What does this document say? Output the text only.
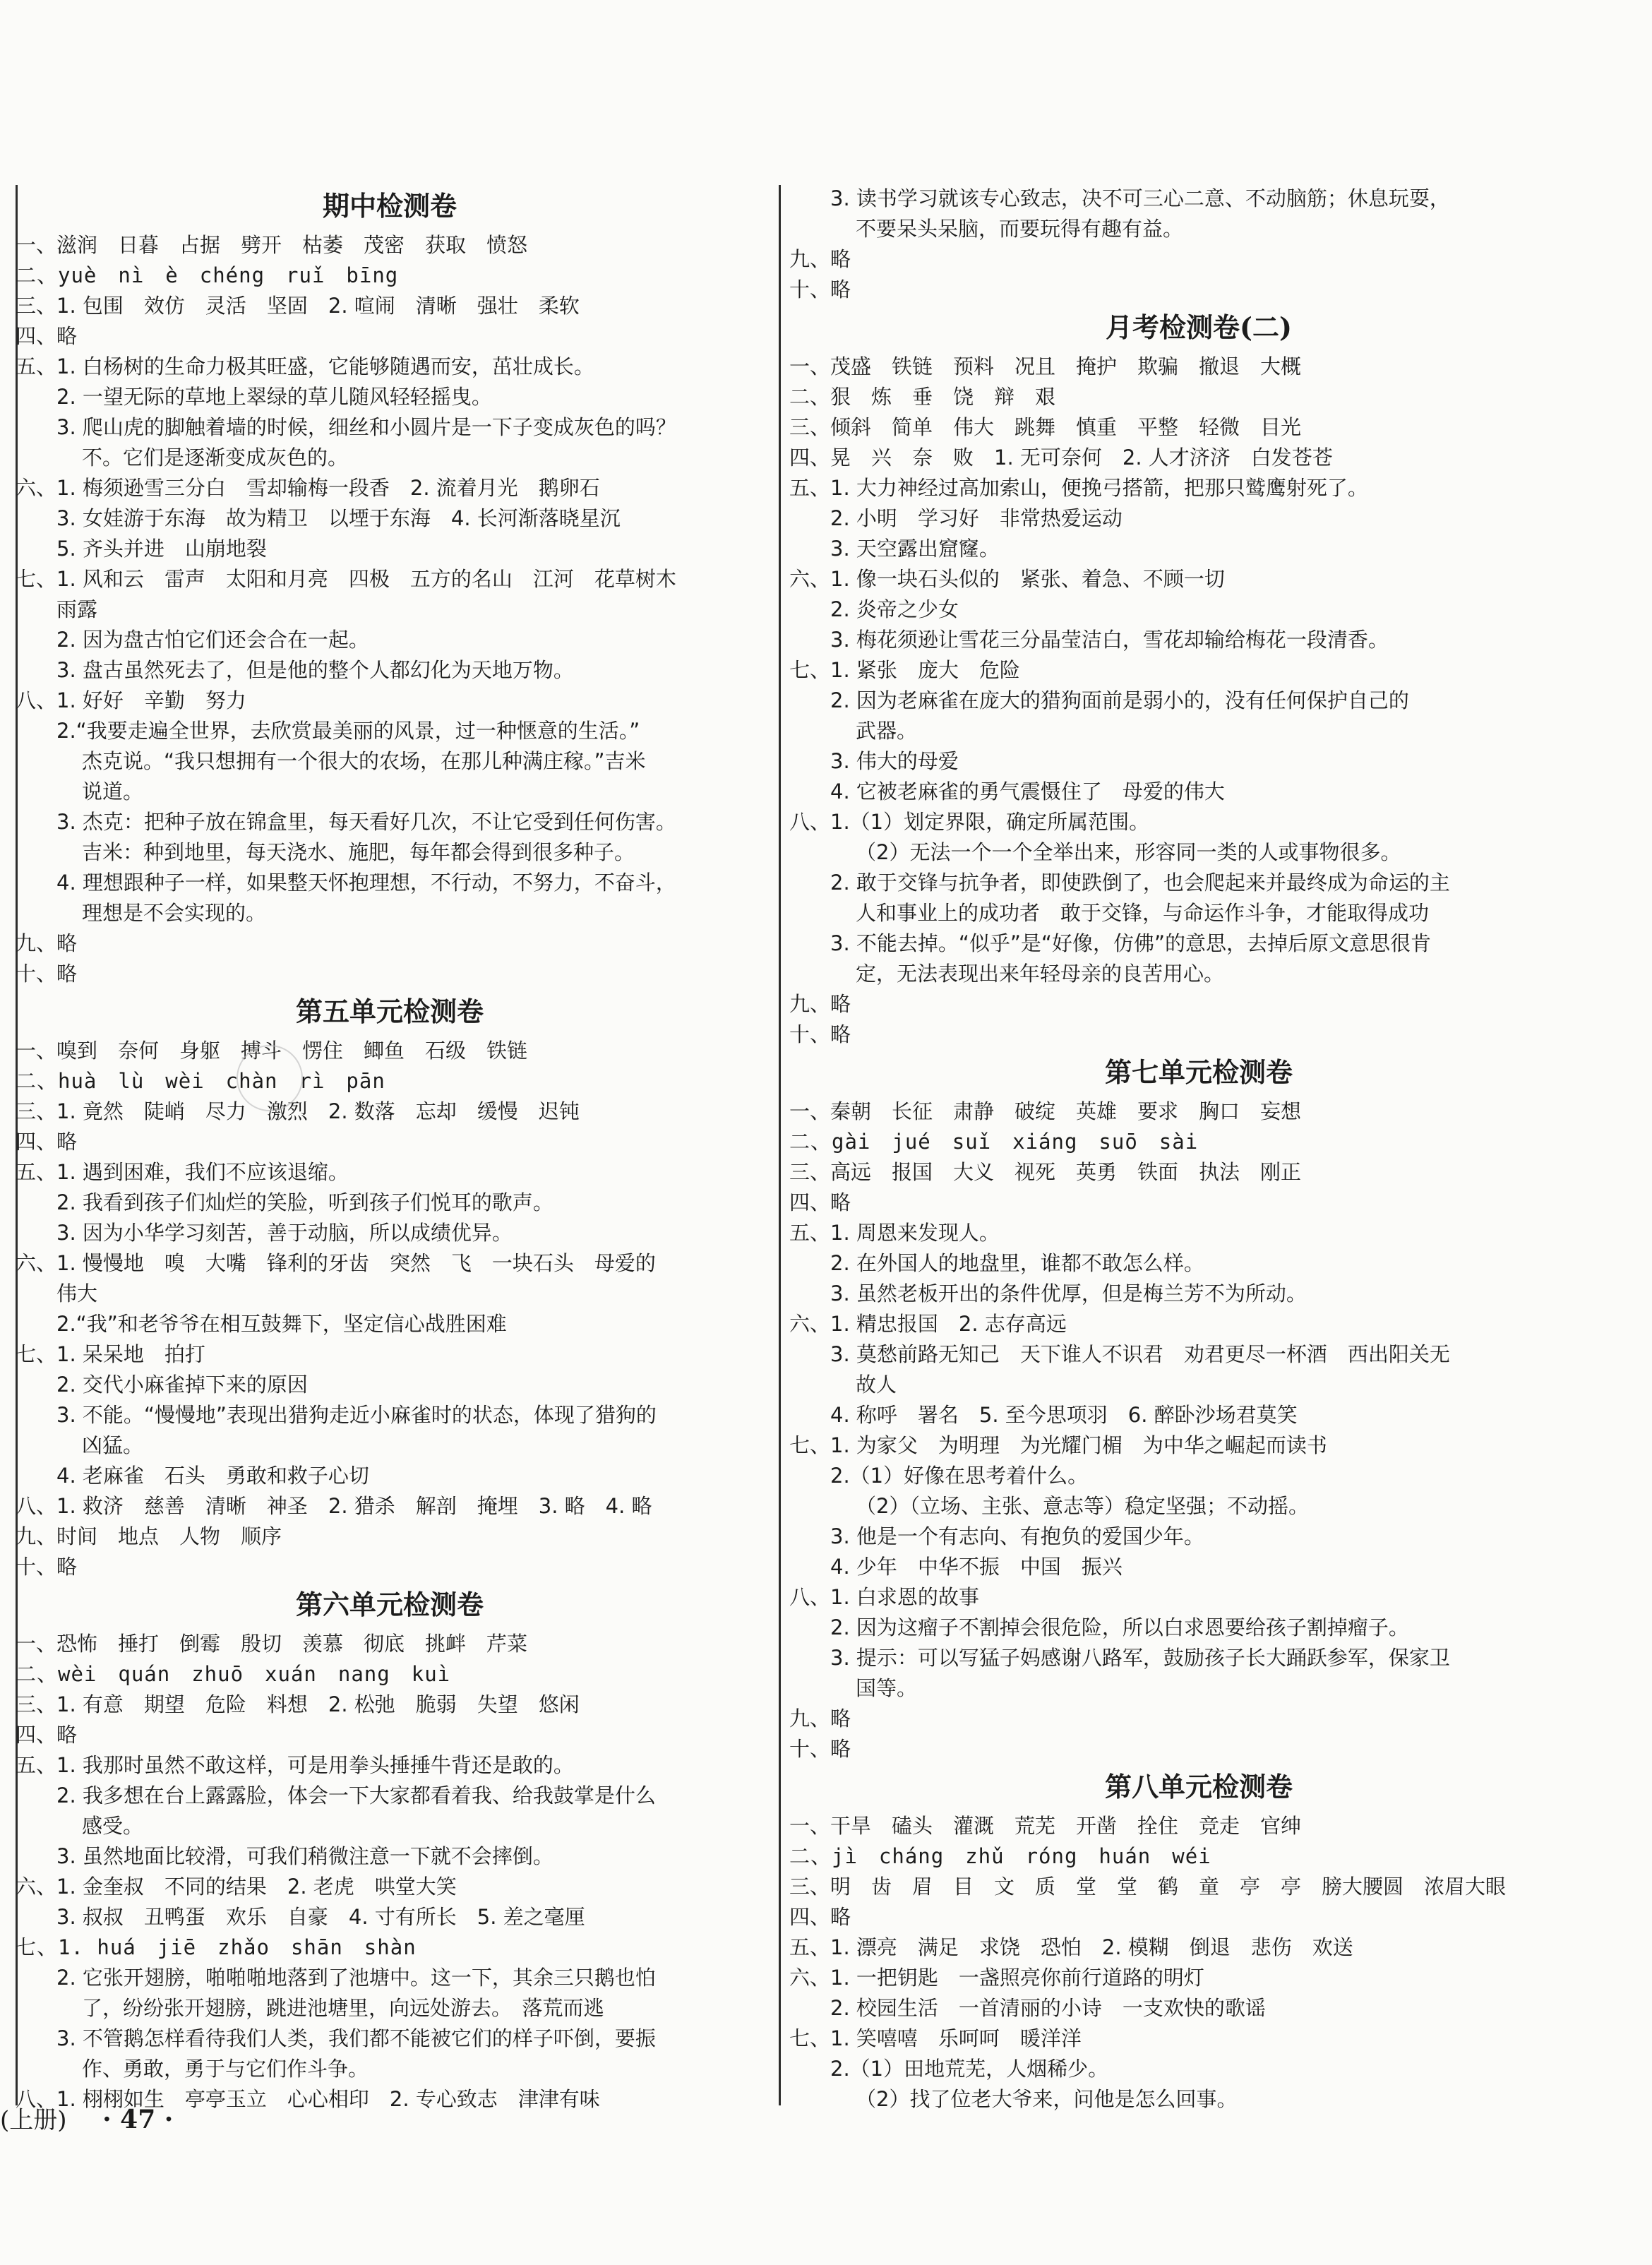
期中检测卷
一、滋润　日暮　占据　劈开　枯萎　茂密　获取　愤怒
二、yuè　nì　è　chéng　ruǐ　bīng
三、1. 包围　效仿　灵活　坚固　2. 喧闹　清晰　强壮　柔软
四、略
五、1. 白杨树的生命力极其旺盛，它能够随遇而安，茁壮成长。
2. 一望无际的草地上翠绿的草儿随风轻轻摇曳。
3. 爬山虎的脚触着墙的时候，细丝和小圆片是一下子变成灰色的吗？
不。它们是逐渐变成灰色的。
六、1. 梅须逊雪三分白　雪却输梅一段香　2. 流着月光　鹅卵石
3. 女娃游于东海　故为精卫　以堙于东海　4. 长河渐落晓星沉
5. 齐头并进　山崩地裂
七、1. 风和云　雷声　太阳和月亮　四极　五方的名山　江河　花草树木
雨露
2. 因为盘古怕它们还会合在一起。
3. 盘古虽然死去了，但是他的整个人都幻化为天地万物。
八、1. 好好　辛勤　努力
2.“我要走遍全世界，去欣赏最美丽的风景，过一种惬意的生活。”
杰克说。“我只想拥有一个很大的农场，在那儿种满庄稼。”吉米
说道。
3. 杰克：把种子放在锦盒里，每天看好几次，不让它受到任何伤害。
吉米：种到地里，每天浇水、施肥，每年都会得到很多种子。
4. 理想跟种子一样，如果整天怀抱理想，不行动，不努力，不奋斗，
理想是不会实现的。
九、略
十、略
第五单元检测卷
一、嗅到　奈何　身躯　搏斗　愣住　鲫鱼　石级　铁链
二、huà　lù　wèi　chàn　rì　pān
三、1. 竟然　陡峭　尽力　激烈　2. 数落　忘却　缓慢　迟钝
四、略
五、1. 遇到困难，我们不应该退缩。
2. 我看到孩子们灿烂的笑脸，听到孩子们悦耳的歌声。
3. 因为小华学习刻苦，善于动脑，所以成绩优异。
六、1. 慢慢地　嗅　大嘴　锋利的牙齿　突然　飞　一块石头　母爱的
伟大
2.“我”和老爷爷在相互鼓舞下，坚定信心战胜困难
七、1. 呆呆地　拍打
2. 交代小麻雀掉下来的原因
3. 不能。“慢慢地”表现出猎狗走近小麻雀时的状态，体现了猎狗的
凶猛。
4. 老麻雀　石头　勇敢和救子心切
八、1. 救济　慈善　清晰　神圣　2. 猎杀　解剖　掩埋　3. 略　4. 略
九、时间　地点　人物　顺序
十、略
第六单元检测卷
一、恐怖　捶打　倒霉　殷切　羡慕　彻底　挑衅　芹菜
二、wèi　quán　zhuō　xuán　nang　kuì
三、1. 有意　期望　危险　料想　2. 松弛　脆弱　失望　悠闲
四、略
五、1. 我那时虽然不敢这样，可是用拳头捶捶牛背还是敢的。
2. 我多想在台上露露脸，体会一下大家都看着我、给我鼓掌是什么
感受。
3. 虽然地面比较滑，可我们稍微注意一下就不会摔倒。
六、1. 金奎叔　不同的结果　2. 老虎　哄堂大笑
3. 叔叔　丑鸭蛋　欢乐　自豪　4. 寸有所长　5. 差之毫厘
七、1. huá　jiē　zhǎo　shān　shàn
2. 它张开翅膀，啪啪啪地落到了池塘中。这一下，其余三只鹅也怕
了，纷纷张开翅膀，跳进池塘里，向远处游去。　落荒而逃
3. 不管鹅怎样看待我们人类，我们都不能被它们的样子吓倒，要振
作、勇敢，勇于与它们作斗争。
八、1. 栩栩如生　亭亭玉立　心心相印　2. 专心致志　津津有味
3. 读书学习就该专心致志，决不可三心二意、不动脑筋；休息玩耍，
不要呆头呆脑，而要玩得有趣有益。
九、略
十、略
月考检测卷(二)
一、茂盛　铁链　预料　况且　掩护　欺骗　撤退　大概
二、狠　炼　垂　饶　辩　艰
三、倾斜　简单　伟大　跳舞　慎重　平整　轻微　目光
四、晃　兴　奈　败　1. 无可奈何　2. 人才济济　白发苍苍
五、1. 大力神经过高加索山，便挽弓搭箭，把那只鹫鹰射死了。
2. 小明　学习好　非常热爱运动
3. 天空露出窟窿。
六、1. 像一块石头似的　紧张、着急、不顾一切
2. 炎帝之少女
3. 梅花须逊让雪花三分晶莹洁白，雪花却输给梅花一段清香。
七、1. 紧张　庞大　危险
2. 因为老麻雀在庞大的猎狗面前是弱小的，没有任何保护自己的
武器。
3. 伟大的母爱
4. 它被老麻雀的勇气震慑住了　母爱的伟大
八、1.（1）划定界限，确定所属范围。
（2）无法一个一个全举出来，形容同一类的人或事物很多。
2. 敢于交锋与抗争者，即使跌倒了，也会爬起来并最终成为命运的主
人和事业上的成功者　敢于交锋，与命运作斗争，才能取得成功
3. 不能去掉。“似乎”是“好像，仿佛”的意思，去掉后原文意思很肯
定，无法表现出来年轻母亲的良苦用心。
九、略
十、略
第七单元检测卷
一、秦朝　长征　肃静　破绽　英雄　要求　胸口　妄想
二、gài　jué　suǐ　xiáng　suō　sài
三、高远　报国　大义　视死　英勇　铁面　执法　刚正
四、略
五、1. 周恩来发现人。
2. 在外国人的地盘里，谁都不敢怎么样。
3. 虽然老板开出的条件优厚，但是梅兰芳不为所动。
六、1. 精忠报国　2. 志存高远
3. 莫愁前路无知己　天下谁人不识君　劝君更尽一杯酒　西出阳关无
故人
4. 称呼　署名　5. 至今思项羽　6. 醉卧沙场君莫笑
七、1. 为家父　为明理　为光耀门楣　为中华之崛起而读书
2.（1）好像在思考着什么。
（2）（立场、主张、意志等）稳定坚强；不动摇。
3. 他是一个有志向、有抱负的爱国少年。
4. 少年　中华不振　中国　振兴
八、1. 白求恩的故事
2. 因为这瘤子不割掉会很危险，所以白求恩要给孩子割掉瘤子。
3. 提示：可以写猛子妈感谢八路军，鼓励孩子长大踊跃参军，保家卫
国等。
九、略
十、略
第八单元检测卷
一、干旱　磕头　灌溉　荒芜　开凿　拴住　竞走　官绅
二、jì　cháng　zhǔ　róng　huán　wéi
三、明　齿　眉　目　文　质　堂　堂　鹤　童　亭　亭　膀大腰圆　浓眉大眼
四、略
五、1. 漂亮　满足　求饶　恐怕　2. 模糊　倒退　悲伤　欢送
六、1. 一把钥匙　一盏照亮你前行道路的明灯
2. 校园生活　一首清丽的小诗　一支欢快的歌谣
七、1. 笑嘻嘻　乐呵呵　暖洋洋
2.（1）田地荒芜，人烟稀少。
（2）找了位老大爷来，问他是怎么回事。
(上册) · 47 ·
